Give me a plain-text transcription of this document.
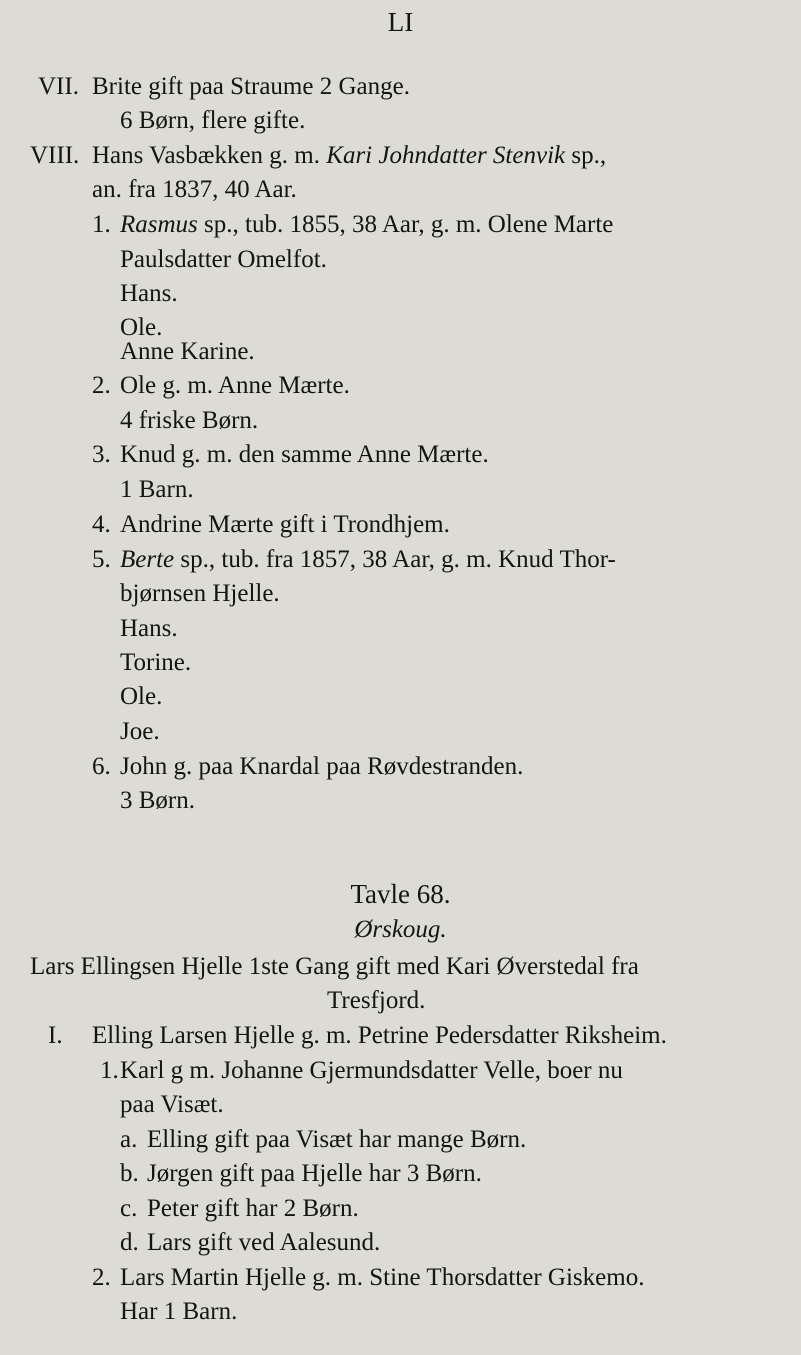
LI
VII. Brite gift paa Straume 2 Gange.
6 Børn, flere gifte.
VIII. Hans Vasbækken g. m. Kari Johndatter Stenvik sp.,
an. fra 1837, 40 Aar.
1. Rasmus sp., tub. 1855, 38 Aar, g. m. Olene Marte
Paulsdatter Omelfot.
Hans.
Ole.
Anne Karine.
2. Ole g. m. Anne Mærte.
4 friske Børn.
3. Knud g. m. den samme Anne Mærte.
1 Barn.
4. Andrine Mærte gift i Trondhjem.
5. Berte sp., tub. fra 1857, 38 Aar, g. m. Knud Thor-
bjørnsen Hjelle.
Hans.
Torine.
Ole.
Joe.
6. John g. paa Knardal paa Røvdestranden.
3 Børn.
Tavle 68.
Ørskoug.
Lars Ellingsen Hjelle 1ste Gang gift med Kari Øverstedal fra
Tresfjord.
I. Elling Larsen Hjelle g. m. Petrine Pedersdatter Riksheim.
1. Karl g m. Johanne Gjermundsdatter Velle, boer nu
paa Visæt.
a. Elling gift paa Visæt har mange Børn.
b. Jørgen gift paa Hjelle har 3 Børn.
c. Peter gift har 2 Børn.
d. Lars gift ved Aalesund.
2. Lars Martin Hjelle g. m. Stine Thorsdatter Giskemo.
Har 1 Barn.
